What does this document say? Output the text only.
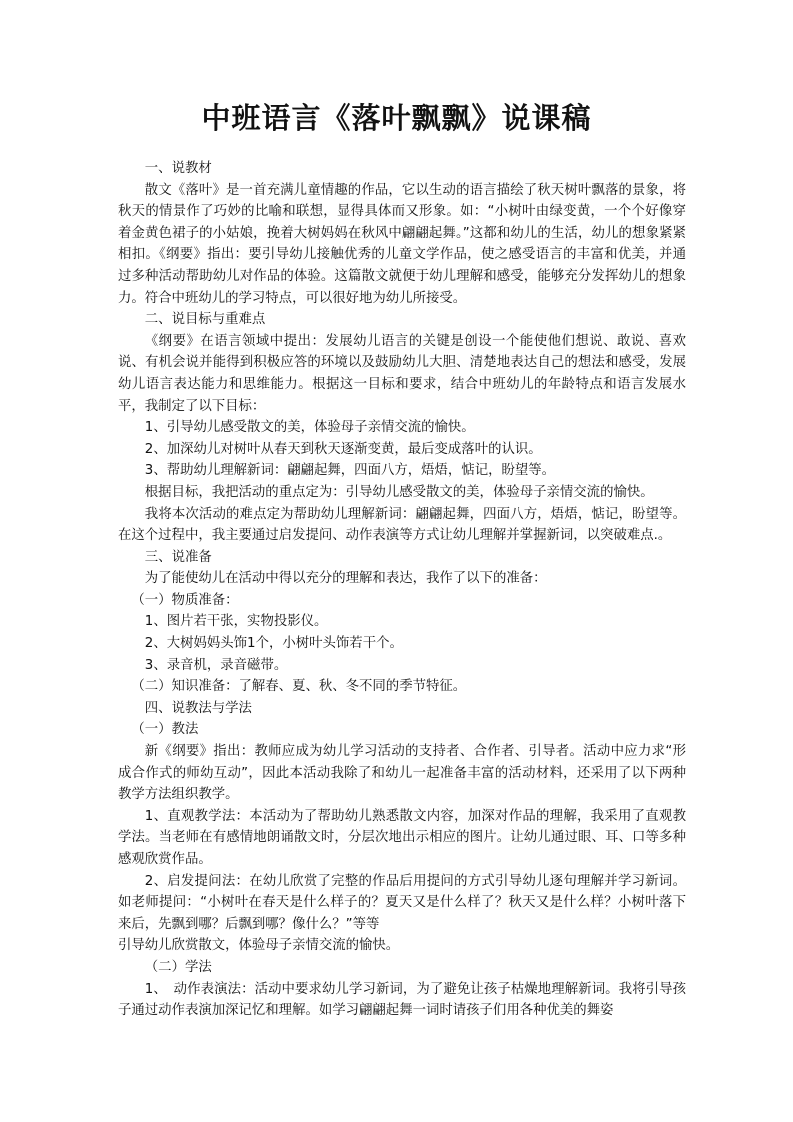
中班语言《落叶飘飘》说课稿

一、说教材

散文《落叶》是一首充满儿童情趣的作品，它以生动的语言描绘了秋天树叶飘落的景象，将秋天的情景作了巧妙的比喻和联想，显得具体而又形象。如：“小树叶由绿变黄，一个个好像穿着金黄色裙子的小姑娘，挽着大树妈妈在秋风中翩翩起舞。”这都和幼儿的生活，幼儿的想象紧紧相扣。《纲要》指出：要引导幼儿接触优秀的儿童文学作品，使之感受语言的丰富和优美，并通过多种活动帮助幼儿对作品的体验。这篇散文就便于幼儿理解和感受，能够充分发挥幼儿的想象力。符合中班幼儿的学习特点，可以很好地为幼儿所接受。

二、说目标与重难点

《纲要》在语言领域中提出：发展幼儿语言的关键是创设一个能使他们想说、敢说、喜欢说、有机会说并能得到积极应答的环境以及鼓励幼儿大胆、清楚地表达自己的想法和感受，发展幼儿语言表达能力和思维能力。根据这一目标和要求，结合中班幼儿的年龄特点和语言发展水平，我制定了以下目标：

1、引导幼儿感受散文的美，体验母子亲情交流的愉快。

2、加深幼儿对树叶从春天到秋天逐渐变黄，最后变成落叶的认识。

3、帮助幼儿理解新词：翩翩起舞，四面八方，焐焐，惦记，盼望等。

根据目标，我把活动的重点定为：引导幼儿感受散文的美，体验母子亲情交流的愉快。

我将本次活动的难点定为帮助幼儿理解新词：翩翩起舞，四面八方，焐焐，惦记，盼望等。在这个过程中，我主要通过启发提问、动作表演等方式让幼儿理解并掌握新词，以突破难点.。

三、说准备

为了能使幼儿在活动中得以充分的理解和表达，我作了以下的准备：

（一）物质准备：

1、图片若干张，实物投影仪。

2、大树妈妈头饰1个，小树叶头饰若干个。

3、录音机，录音磁带。

（二）知识准备：了解春、夏、秋、冬不同的季节特征。

四、说教法与学法

（一）教法

新《纲要》指出：教师应成为幼儿学习活动的支持者、合作者、引导者。活动中应力求“形成合作式的师幼互动”，因此本活动我除了和幼儿一起准备丰富的活动材料，还采用了以下两种教学方法组织教学。

1、直观教学法：本活动为了帮助幼儿熟悉散文内容，加深对作品的理解，我采用了直观教学法。当老师在有感情地朗诵散文时，分层次地出示相应的图片。让幼儿通过眼、耳、口等多种感观欣赏作品。

2、启发提问法：在幼儿欣赏了完整的作品后用提问的方式引导幼儿逐句理解并学习新词。如老师提问：“小树叶在春天是什么样子的？夏天又是什么样了？秋天又是什么样？小树叶落下来后，先飘到哪？后飘到哪？像什么？”等等

引导幼儿欣赏散文，体验母子亲情交流的愉快。

（二）学法

1、　动作表演法：活动中要求幼儿学习新词，为了避免让孩子枯燥地理解新词。我将引导孩子通过动作表演加深记忆和理解。如学习翩翩起舞一词时请孩子们用各种优美的舞姿
